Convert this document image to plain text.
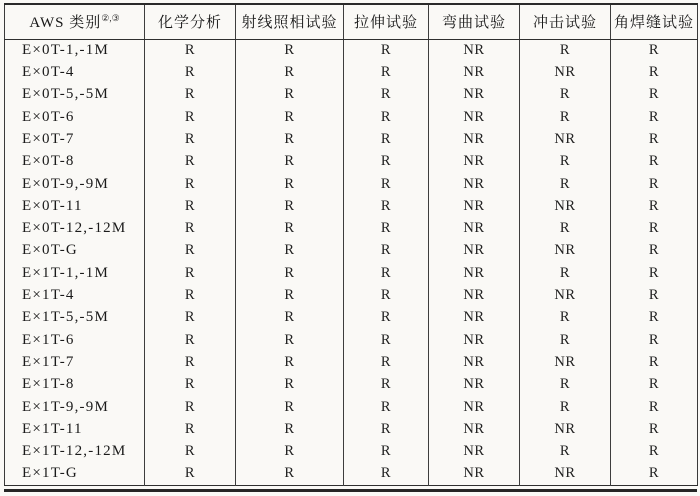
AWS 类别②,③	化学分析	射线照相试验	拉伸试验	弯曲试验	冲击试验	角焊缝试验
E×0T-1,-1M	R	R	R	NR	R	R
E×0T-4	R	R	R	NR	NR	R
E×0T-5,-5M	R	R	R	NR	R	R
E×0T-6	R	R	R	NR	R	R
E×0T-7	R	R	R	NR	NR	R
E×0T-8	R	R	R	NR	R	R
E×0T-9,-9M	R	R	R	NR	R	R
E×0T-11	R	R	R	NR	NR	R
E×0T-12,-12M	R	R	R	NR	R	R
E×0T-G	R	R	R	NR	NR	R
E×1T-1,-1M	R	R	R	NR	R	R
E×1T-4	R	R	R	NR	NR	R
E×1T-5,-5M	R	R	R	NR	R	R
E×1T-6	R	R	R	NR	R	R
E×1T-7	R	R	R	NR	NR	R
E×1T-8	R	R	R	NR	R	R
E×1T-9,-9M	R	R	R	NR	R	R
E×1T-11	R	R	R	NR	NR	R
E×1T-12,-12M	R	R	R	NR	R	R
E×1T-G	R	R	R	NR	NR	R
